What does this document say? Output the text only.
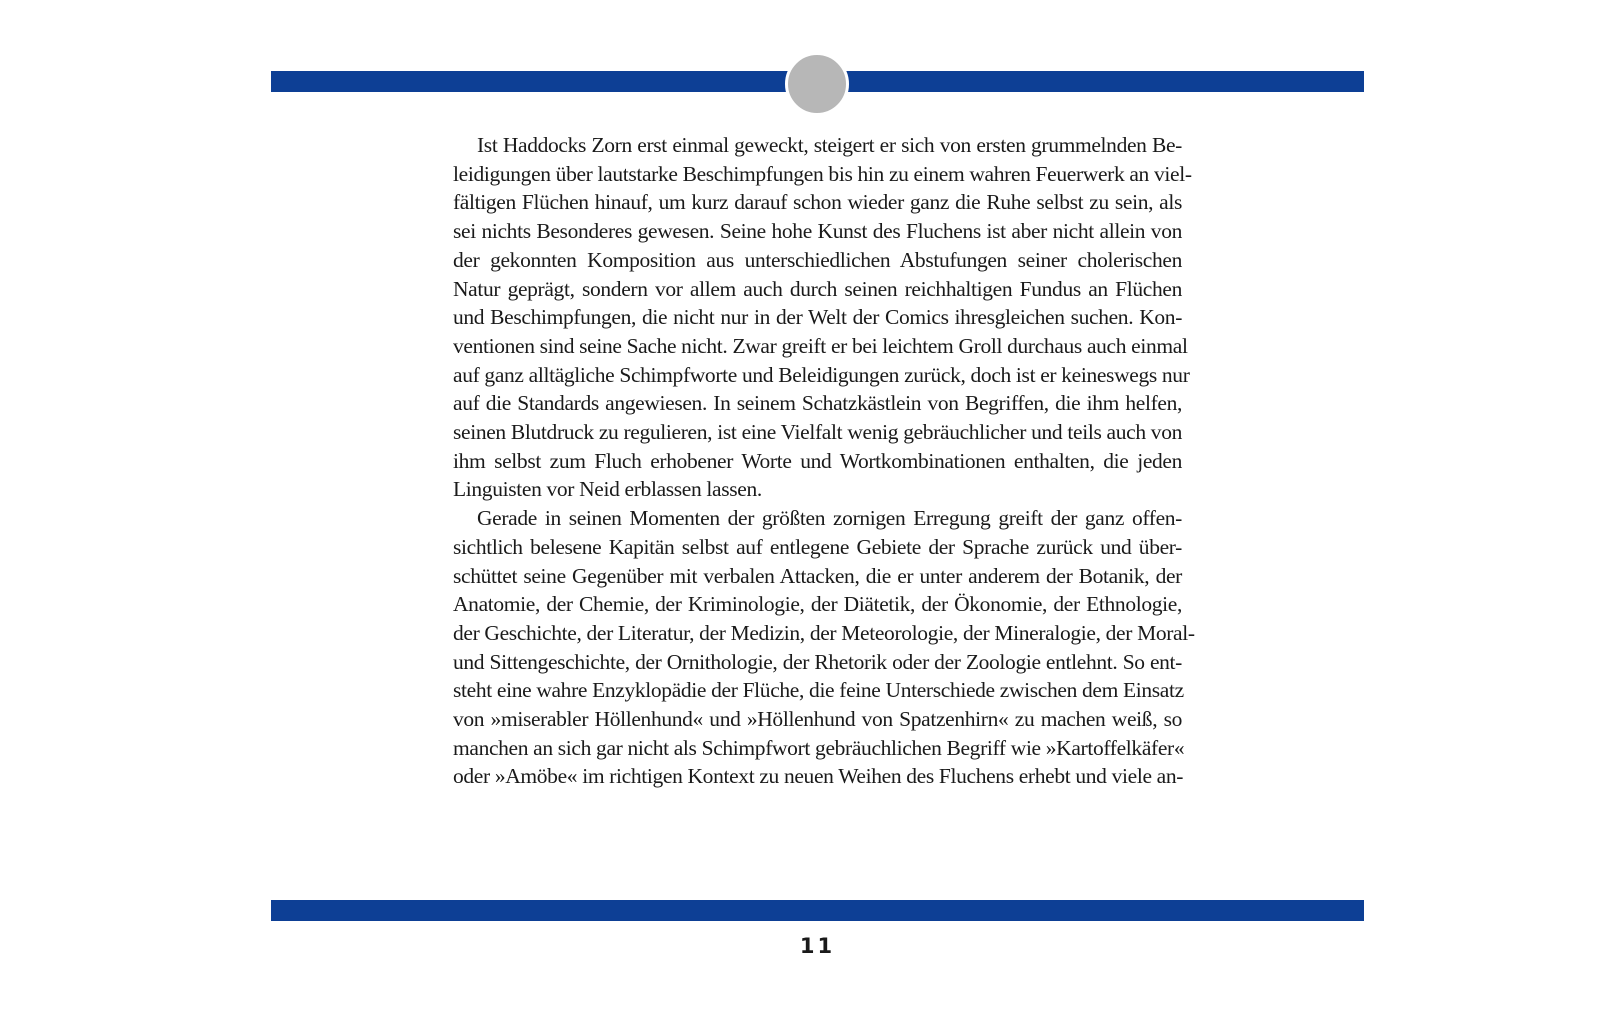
Ist Haddocks Zorn erst einmal geweckt, steigert er sich von ersten grummelnden Be-
leidigungen über lautstarke Beschimpfungen bis hin zu einem wahren Feuerwerk an viel-
fältigen Flüchen hinauf, um kurz darauf schon wieder ganz die Ruhe selbst zu sein, als
sei nichts Besonderes gewesen. Seine hohe Kunst des Fluchens ist aber nicht allein von
der gekonnten Komposition aus unterschiedlichen Abstufungen seiner cholerischen
Natur geprägt, sondern vor allem auch durch seinen reichhaltigen Fundus an Flüchen
und Beschimpfungen, die nicht nur in der Welt der Comics ihresgleichen suchen. Kon-
ventionen sind seine Sache nicht. Zwar greift er bei leichtem Groll durchaus auch einmal
auf ganz alltägliche Schimpfworte und Beleidigungen zurück, doch ist er keineswegs nur
auf die Standards angewiesen. In seinem Schatzkästlein von Begriffen, die ihm helfen,
seinen Blutdruck zu regulieren, ist eine Vielfalt wenig gebräuchlicher und teils auch von
ihm selbst zum Fluch erhobener Worte und Wortkombinationen enthalten, die jeden
Linguisten vor Neid erblassen lassen.
Gerade in seinen Momenten der größten zornigen Erregung greift der ganz offen-
sichtlich belesene Kapitän selbst auf entlegene Gebiete der Sprache zurück und über-
schüttet seine Gegenüber mit verbalen Attacken, die er unter anderem der Botanik, der
Anatomie, der Chemie, der Kriminologie, der Diätetik, der Ökonomie, der Ethnologie,
der Geschichte, der Literatur, der Medizin, der Meteorologie, der Mineralogie, der Moral-
und Sittengeschichte, der Ornithologie, der Rhetorik oder der Zoologie entlehnt. So ent-
steht eine wahre Enzyklopädie der Flüche, die feine Unterschiede zwischen dem Einsatz
von »miserabler Höllenhund« und »Höllenhund von Spatzenhirn« zu machen weiß, so
manchen an sich gar nicht als Schimpfwort gebräuchlichen Begriff wie »Kartoffelkäfer«
oder »Amöbe« im richtigen Kontext zu neuen Weihen des Fluchens erhebt und viele an-
11
